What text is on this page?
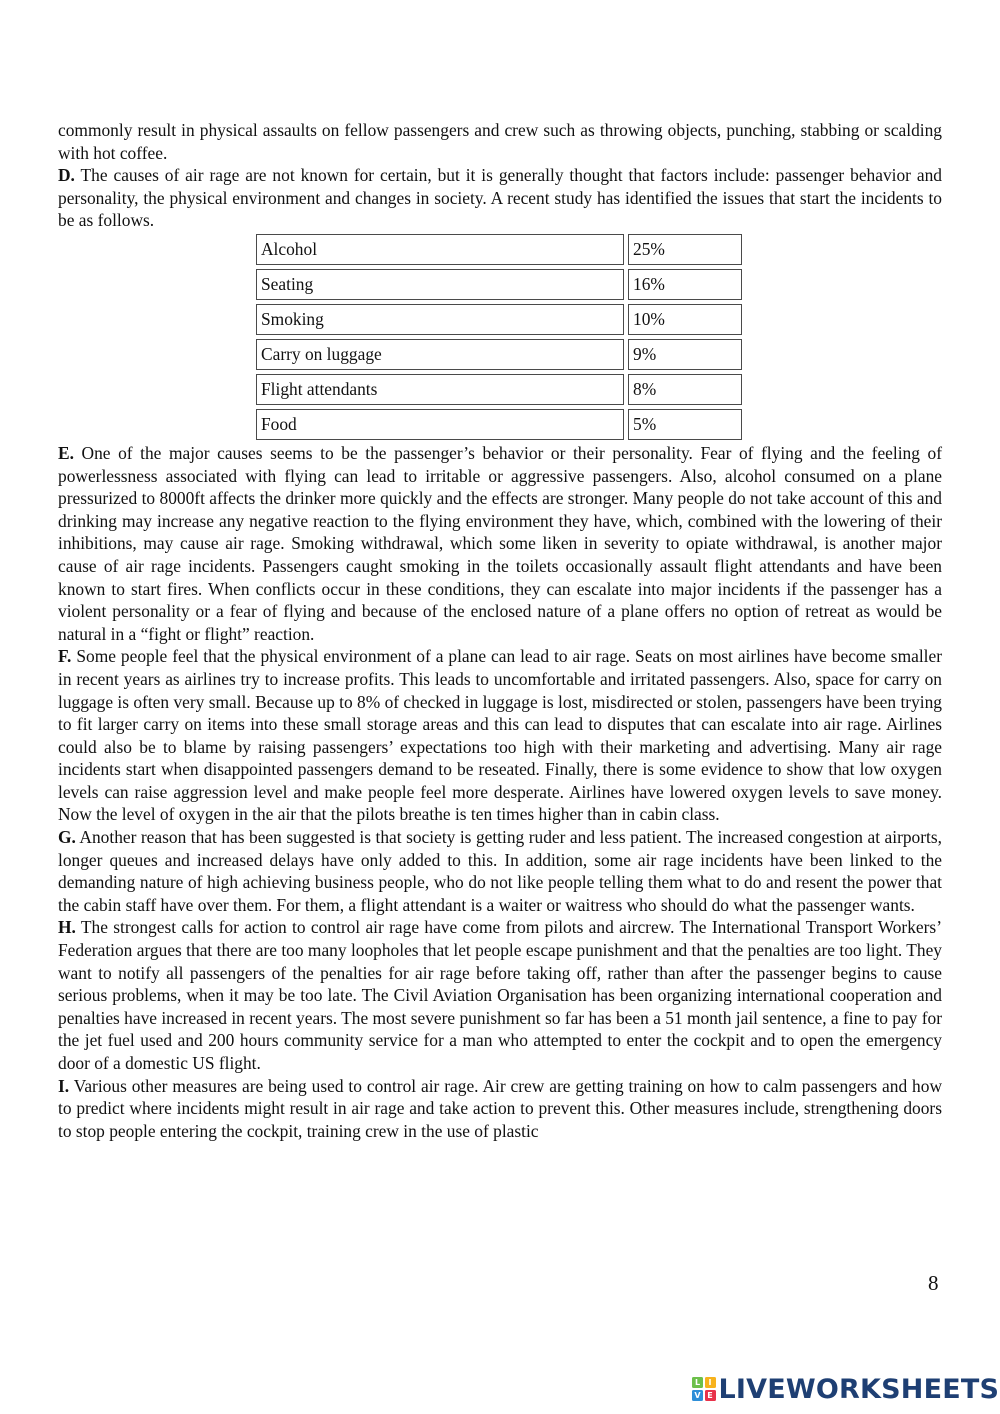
commonly result in physical assaults on fellow passengers and crew such as throwing objects, punching, stabbing or scalding with hot coffee.

D. The causes of air rage are not known for certain, but it is generally thought that factors include: passenger behavior and personality, the physical environment and changes in society. A recent study has identified the issues that start the incidents to be as follows.

Alcohol	25%
Seating	16%
Smoking	10%
Carry on luggage	9%
Flight attendants	8%
Food	5%

E. One of the major causes seems to be the passenger’s behavior or their personality. Fear of flying and the feeling of powerlessness associated with flying can lead to irritable or aggressive passengers. Also, alcohol consumed on a plane pressurized to 8000ft affects the drinker more quickly and the effects are stronger. Many people do not take account of this and drinking may increase any negative reaction to the flying environment they have, which, combined with the lowering of their inhibitions, may cause air rage. Smoking withdrawal, which some liken in severity to opiate withdrawal, is another major cause of air rage incidents. Passengers caught smoking in the toilets occasionally assault flight attendants and have been known to start fires. When conflicts occur in these conditions, they can escalate into major incidents if the passenger has a violent personality or a fear of flying and because of the enclosed nature of a plane offers no option of retreat as would be natural in a “fight or flight” reaction.

F. Some people feel that the physical environment of a plane can lead to air rage. Seats on most airlines have become smaller in recent years as airlines try to increase profits. This leads to uncomfortable and irritated passengers. Also, space for carry on luggage is often very small. Because up to 8% of checked in luggage is lost, misdirected or stolen, passengers have been trying to fit larger carry on items into these small storage areas and this can lead to disputes that can escalate into air rage. Airlines could also be to blame by raising passengers’ expectations too high with their marketing and advertising. Many air rage incidents start when disappointed passengers demand to be reseated. Finally, there is some evidence to show that low oxygen levels can raise aggression level and make people feel more desperate. Airlines have lowered oxygen levels to save money. Now the level of oxygen in the air that the pilots breathe is ten times higher than in cabin class.

G. Another reason that has been suggested is that society is getting ruder and less patient. The increased congestion at airports, longer queues and increased delays have only added to this. In addition, some air rage incidents have been linked to the demanding nature of high achieving business people, who do not like people telling them what to do and resent the power that the cabin staff have over them. For them, a flight attendant is a waiter or waitress who should do what the passenger wants.

H. The strongest calls for action to control air rage have come from pilots and aircrew. The International Transport Workers’ Federation argues that there are too many loopholes that let people escape punishment and that the penalties are too light. They want to notify all passengers of the penalties for air rage before taking off, rather than after the passenger begins to cause serious problems, when it may be too late. The Civil Aviation Organisation has been organizing international cooperation and penalties have increased in recent years. The most severe punishment so far has been a 51 month jail sentence, a fine to pay for the jet fuel used and 200 hours community service for a man who attempted to enter the cockpit and to open the emergency door of a domestic US flight.

I. Various other measures are being used to control air rage. Air crew are getting training on how to calm passengers and how to predict where incidents might result in air rage and take action to prevent this. Other measures include, strengthening doors to stop people entering the cockpit, training crew in the use of plastic

8
L	I
V E LIVEWORKSHEETS
